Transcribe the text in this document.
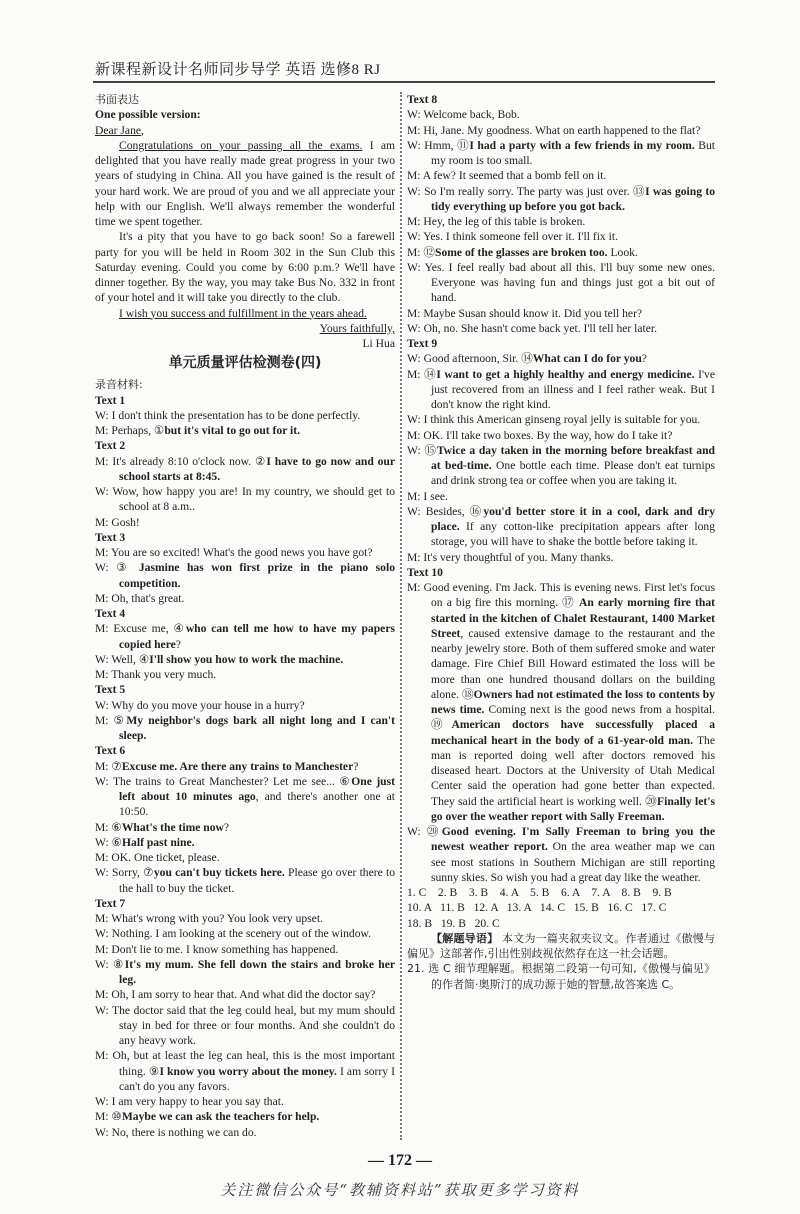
新课程新设计名师同步导学 英语 选修8 RJ
书面表达
One possible version:
Dear Jane,
Congratulations on your passing all the exams. I am delighted that you have really made great progress in your two years of studying in China. All you have gained is the result of your hard work. We are proud of you and we all appreciate your help with our English. We'll always remember the wonderful time we spent together.
It's a pity that you have to go back soon! So a farewell party for you will be held in Room 302 in the Sun Club this Saturday evening. Could you come by 6:00 p.m.? We'll have dinner together. By the way, you may take Bus No. 332 in front of your hotel and it will take you directly to the club.
I wish you success and fulfillment in the years ahead.
Yours faithfully,
Li Hua
单元质量评估检测卷(四)
录音材料:
Text 1
W: I don't think the presentation has to be done perfectly.
M: Perhaps, ①but it's vital to go out for it.
Text 2
M: It's already 8:10 o'clock now. ②I have to go now and our school starts at 8:45.
W: Wow, how happy you are! In my country, we should get to school at 8 a.m..
M: Gosh!
Text 3
M: You are so excited! What's the good news you have got?
W: ③ Jasmine has won first prize in the piano solo competition.
M: Oh, that's great.
Text 4
M: Excuse me, ④who can tell me how to have my papers copied here?
W: Well, ④I'll show you how to work the machine.
M: Thank you very much.
Text 5
W: Why do you move your house in a hurry?
M: ⑤My neighbor's dogs bark all night long and I can't sleep.
Text 6
M: ⑦Excuse me. Are there any trains to Manchester?
W: The trains to Great Manchester? Let me see... ⑥One just left about 10 minutes ago, and there's another one at 10:50.
M: ⑥What's the time now?
W: ⑥Half past nine.
M: OK. One ticket, please.
W: Sorry, ⑦you can't buy tickets here. Please go over there to the hall to buy the ticket.
Text 7
M: What's wrong with you? You look very upset.
W: Nothing. I am looking at the scenery out of the window.
M: Don't lie to me. I know something has happened.
W: ⑧It's my mum. She fell down the stairs and broke her leg.
M: Oh, I am sorry to hear that. And what did the doctor say?
W: The doctor said that the leg could heal, but my mum should stay in bed for three or four months. And she couldn't do any heavy work.
M: Oh, but at least the leg can heal, this is the most important thing. ⑨I know you worry about the money. I am sorry I can't do you any favors.
W: I am very happy to hear you say that.
M: ⑩Maybe we can ask the teachers for help.
W: No, there is nothing we can do.
Text 8
W: Welcome back, Bob.
M: Hi, Jane. My goodness. What on earth happened to the flat?
W: Hmm, ⑪I had a party with a few friends in my room. But my room is too small.
M: A few? It seemed that a bomb fell on it.
W: So I'm really sorry. The party was just over. ⑬I was going to tidy everything up before you got back.
M: Hey, the leg of this table is broken.
W: Yes. I think someone fell over it. I'll fix it.
M: ⑫Some of the glasses are broken too. Look.
W: Yes. I feel really bad about all this. I'll buy some new ones. Everyone was having fun and things just got a bit out of hand.
M: Maybe Susan should know it. Did you tell her?
W: Oh, no. She hasn't come back yet. I'll tell her later.
Text 9
W: Good afternoon, Sir. ⑭What can I do for you?
M: ⑭I want to get a highly healthy and energy medicine. I've just recovered from an illness and I feel rather weak. But I don't know the right kind.
W: I think this American ginseng royal jelly is suitable for you.
M: OK. I'll take two boxes. By the way, how do I take it?
W: ⑮Twice a day taken in the morning before breakfast and at bed-time. One bottle each time. Please don't eat turnips and drink strong tea or coffee when you are taking it.
M: I see.
W: Besides, ⑯you'd better store it in a cool, dark and dry place. If any cotton-like precipitation appears after long storage, you will have to shake the bottle before taking it.
M: It's very thoughtful of you. Many thanks.
Text 10
M: Good evening. I'm Jack. This is evening news. First let's focus on a big fire this morning. ⑰ An early morning fire that started in the kitchen of Chalet Restaurant, 1400 Market Street, caused extensive damage to the restaurant and the nearby jewelry store. Both of them suffered smoke and water damage. Fire Chief Bill Howard estimated the loss will be more than one hundred thousand dollars on the building alone. ⑱Owners had not estimated the loss to contents by news time. Coming next is the good news from a hospital. ⑲American doctors have successfully placed a mechanical heart in the body of a 61-year-old man. The man is reported doing well after doctors removed his diseased heart. Doctors at the University of Utah Medical Center said the operation had gone better than expected. They said the artificial heart is working well. ⑳Finally let's go over the weather report with Sally Freeman.
W: ⑳Good evening. I'm Sally Freeman to bring you the newest weather report. On the area weather map we can see most stations in Southern Michigan are still reporting sunny skies. So wish you had a great day like the weather.
1. C    2. B    3. B    4. A    5. B    6. A    7. A    8. B    9. B
10. A   11. B   12. A   13. A   14. C   15. B   16. C   17. C
18. B   19. B   20. C
【解题导语】 本文为一篇夹叙夹议文。作者通过《傲慢与偏见》这部著作,引出性别歧视依然存在这一社会话题。
21. 选 C 细节理解题。根据第二段第一句可知,《傲慢与偏见》的作者简·奥斯汀的成功源于她的智慧,故答案选 C。
— 172 —
关注微信公众号“教辅资料站”获取更多学习资料
